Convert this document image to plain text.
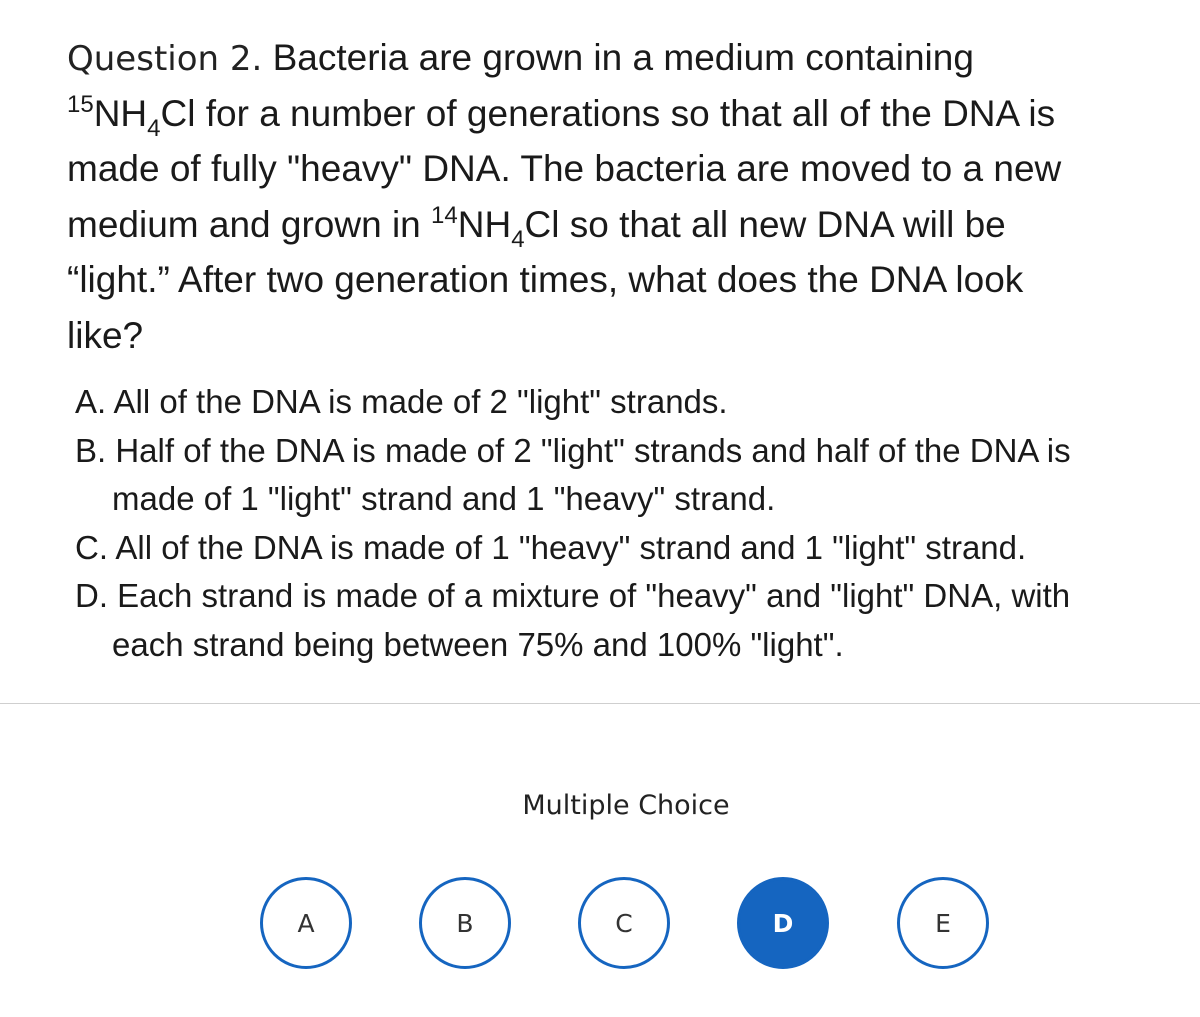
Question 2. Bacteria are grown in a medium containing
$^{15}NH_4Cl$ for a number of generations so that all of the DNA is
made of fully "heavy" DNA. The bacteria are moved to a new
medium and grown in $^{14}NH_4Cl$ so that all new DNA will be
“light.” After two generation times, what does the DNA look
like?
A. All of the DNA is made of 2 "light" strands.
B. Half of the DNA is made of 2 "light" strands and half of the DNA is
made of 1 "light" strand and 1 "heavy" strand.
C. All of the DNA is made of 1 "heavy" strand and 1 "light" strand.
D. Each strand is made of a mixture of "heavy" and "light" DNA, with
each strand being between 75% and 100% "light".
Multiple Choice
A	B	C	D	E
